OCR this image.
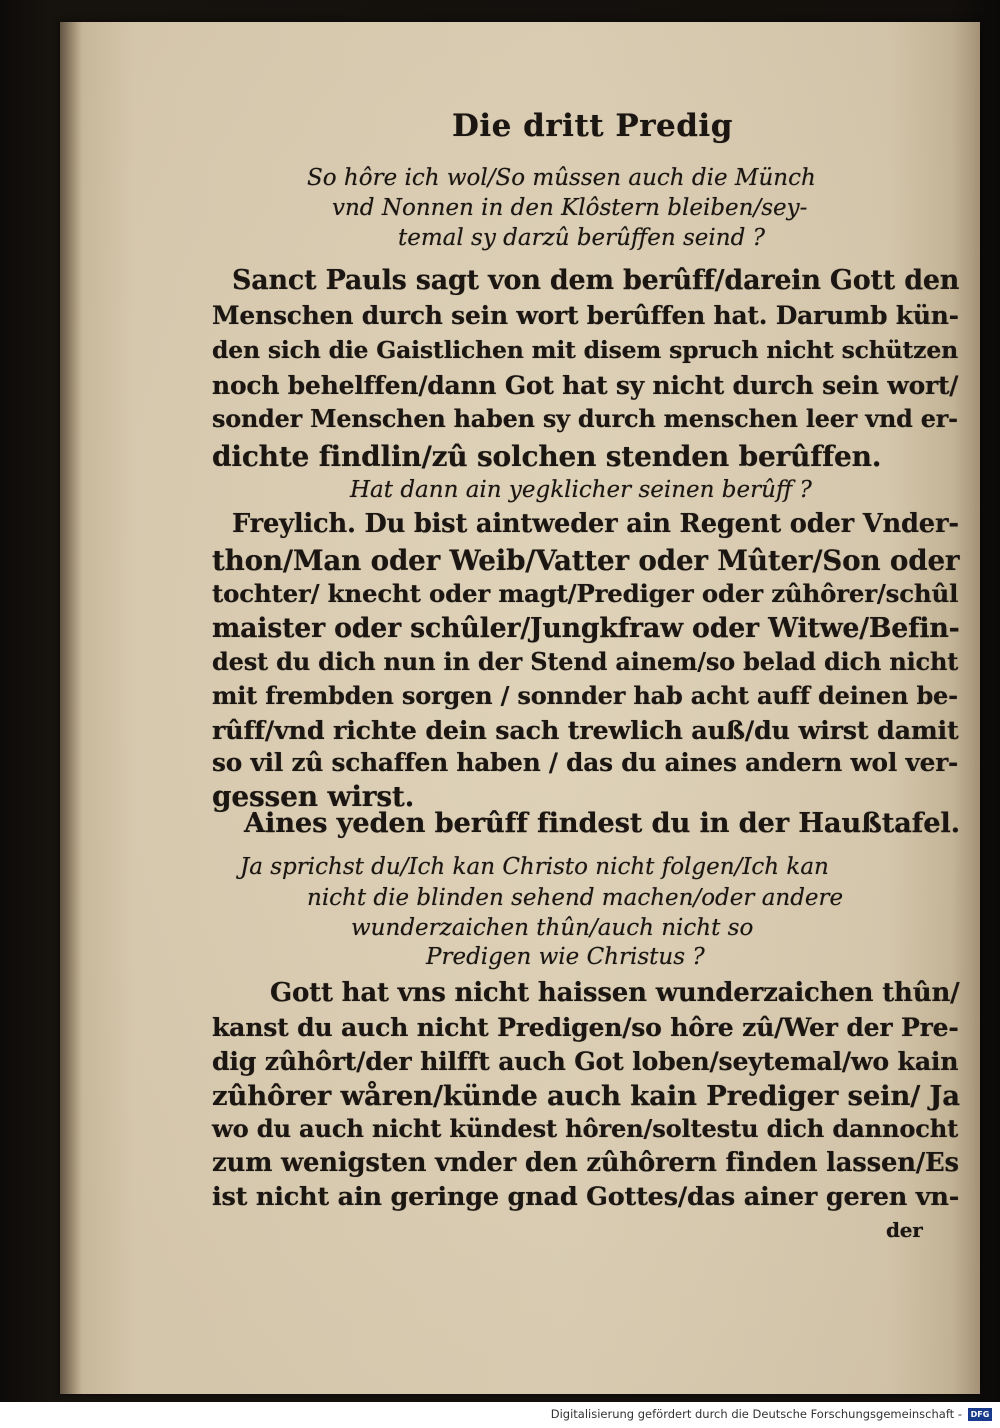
Die dritt Predig

So hôre ich wol/So mûssen auch die Münch

vnd Nonnen in den Klôstern bleiben/sey-

temal sy darzû berûffen seind ?

Sanct Pauls sagt von dem berûff/darein Gott den

Menschen durch sein wort berûffen hat. Darumb kün-

den sich die Gaistlichen mit disem spruch nicht schützen

noch behelffen/dann Got hat sy nicht durch sein wort/

sonder Menschen haben sy durch menschen leer vnd er-

dichte findlin/zû solchen stenden berûffen.

Hat dann ain yegklicher seinen berûff ?

Freylich. Du bist aintweder ain Regent oder Vnder-

thon/Man oder Weib/Vatter oder Mûter/Son oder

tochter/ knecht oder magt/Prediger oder zûhôrer/schûl

maister oder schûler/Jungkfraw oder Witwe/Befin-

dest du dich nun in der Stend ainem/so belad dich nicht

mit frembden sorgen / sonnder hab acht auff deinen be-

rûff/vnd richte dein sach trewlich auß/du wirst damit

so vil zû schaffen haben / das du aines andern wol ver-

gessen wirst.

Aines yeden berûff findest du in der Haußtafel.

Ja sprichst du/Ich kan Christo nicht folgen/Ich kan

nicht die blinden sehend machen/oder andere

wunderzaichen thûn/auch nicht so

Predigen wie Christus ?

Gott hat vns nicht haissen wunderzaichen thûn/

kanst du auch nicht Predigen/so hôre zû/Wer der Pre-

dig zûhôrt/der hilfft auch Got loben/seytemal/wo kain

zûhôrer wåren/künde auch kain Prediger sein/ Ja

wo du auch nicht kündest hôren/soltestu dich dannocht

zum wenigsten vnder den zûhôrern finden lassen/Es

ist nicht ain geringe gnad Gottes/das ainer geren vn-

der

Digitalisierung gefördert durch die Deutsche Forschungsgemeinschaft -	DFG
